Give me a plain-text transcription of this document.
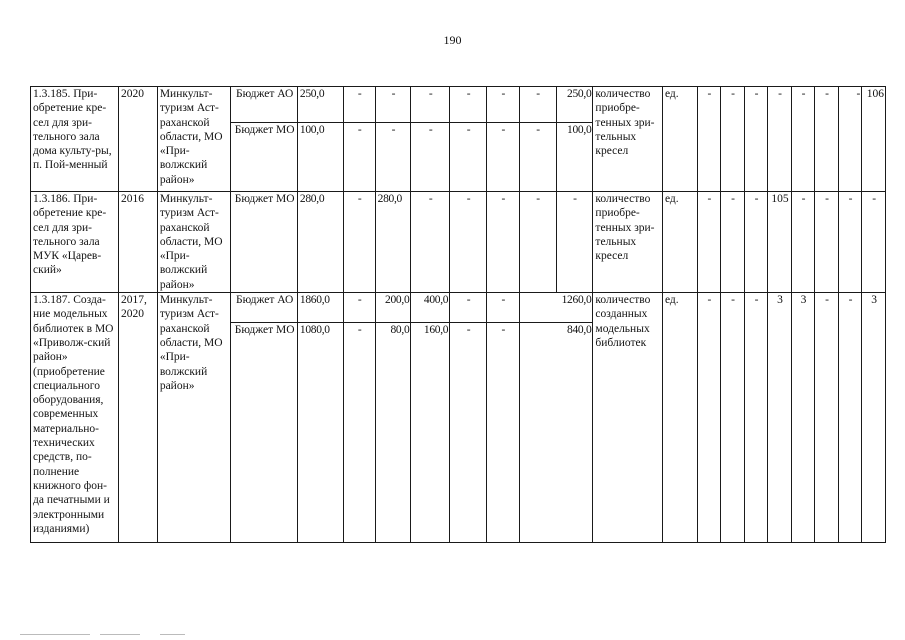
190
1.3.185. При-обретение кре-сел для зри-тельного зала дома культу-ры, п. Пой-менный	2020	Минкульт-туризм Аст-раханской области, МО «При-волжский район»	Бюджет АО	250,0	-	-	-	-	-	-	250,0	количество приобре-тенных зри-тельных кресел	ед.	-	-	-	-	-	-	-	106
			Бюджет МО	100,0	-	-	-	-	-	-	100,0										
1.3.186. При-обретение кре-сел для зри-тельного зала МУК «Царев-ский»	2016	Минкульт-туризм Аст-раханской области, МО «При-волжский район»	Бюджет МО	280,0	-	280,0	-	-	-	-	-	количество приобре-тенных зри-тельных кресел	ед.	-	-	-	105	-	-	-	-
1.3.187. Созда-ние модельных библиотек в МО «Приволж-ский район» (приобретение специального оборудования, современных материально-технических средств, по-полнение книжного фон-да печатными и электронными изданиями)	2017, 2020	Минкульт-туризм Аст-раханской области, МО «При-волжский район»	Бюджет АО	1860,0	-	200,0	400,0	-	-	1260,0		количество созданных модельных библиотек	ед.	-	-	-	3	3	-	-	3
			Бюджет МО	1080,0	-	80,0	160,0	-	-	840,0											
